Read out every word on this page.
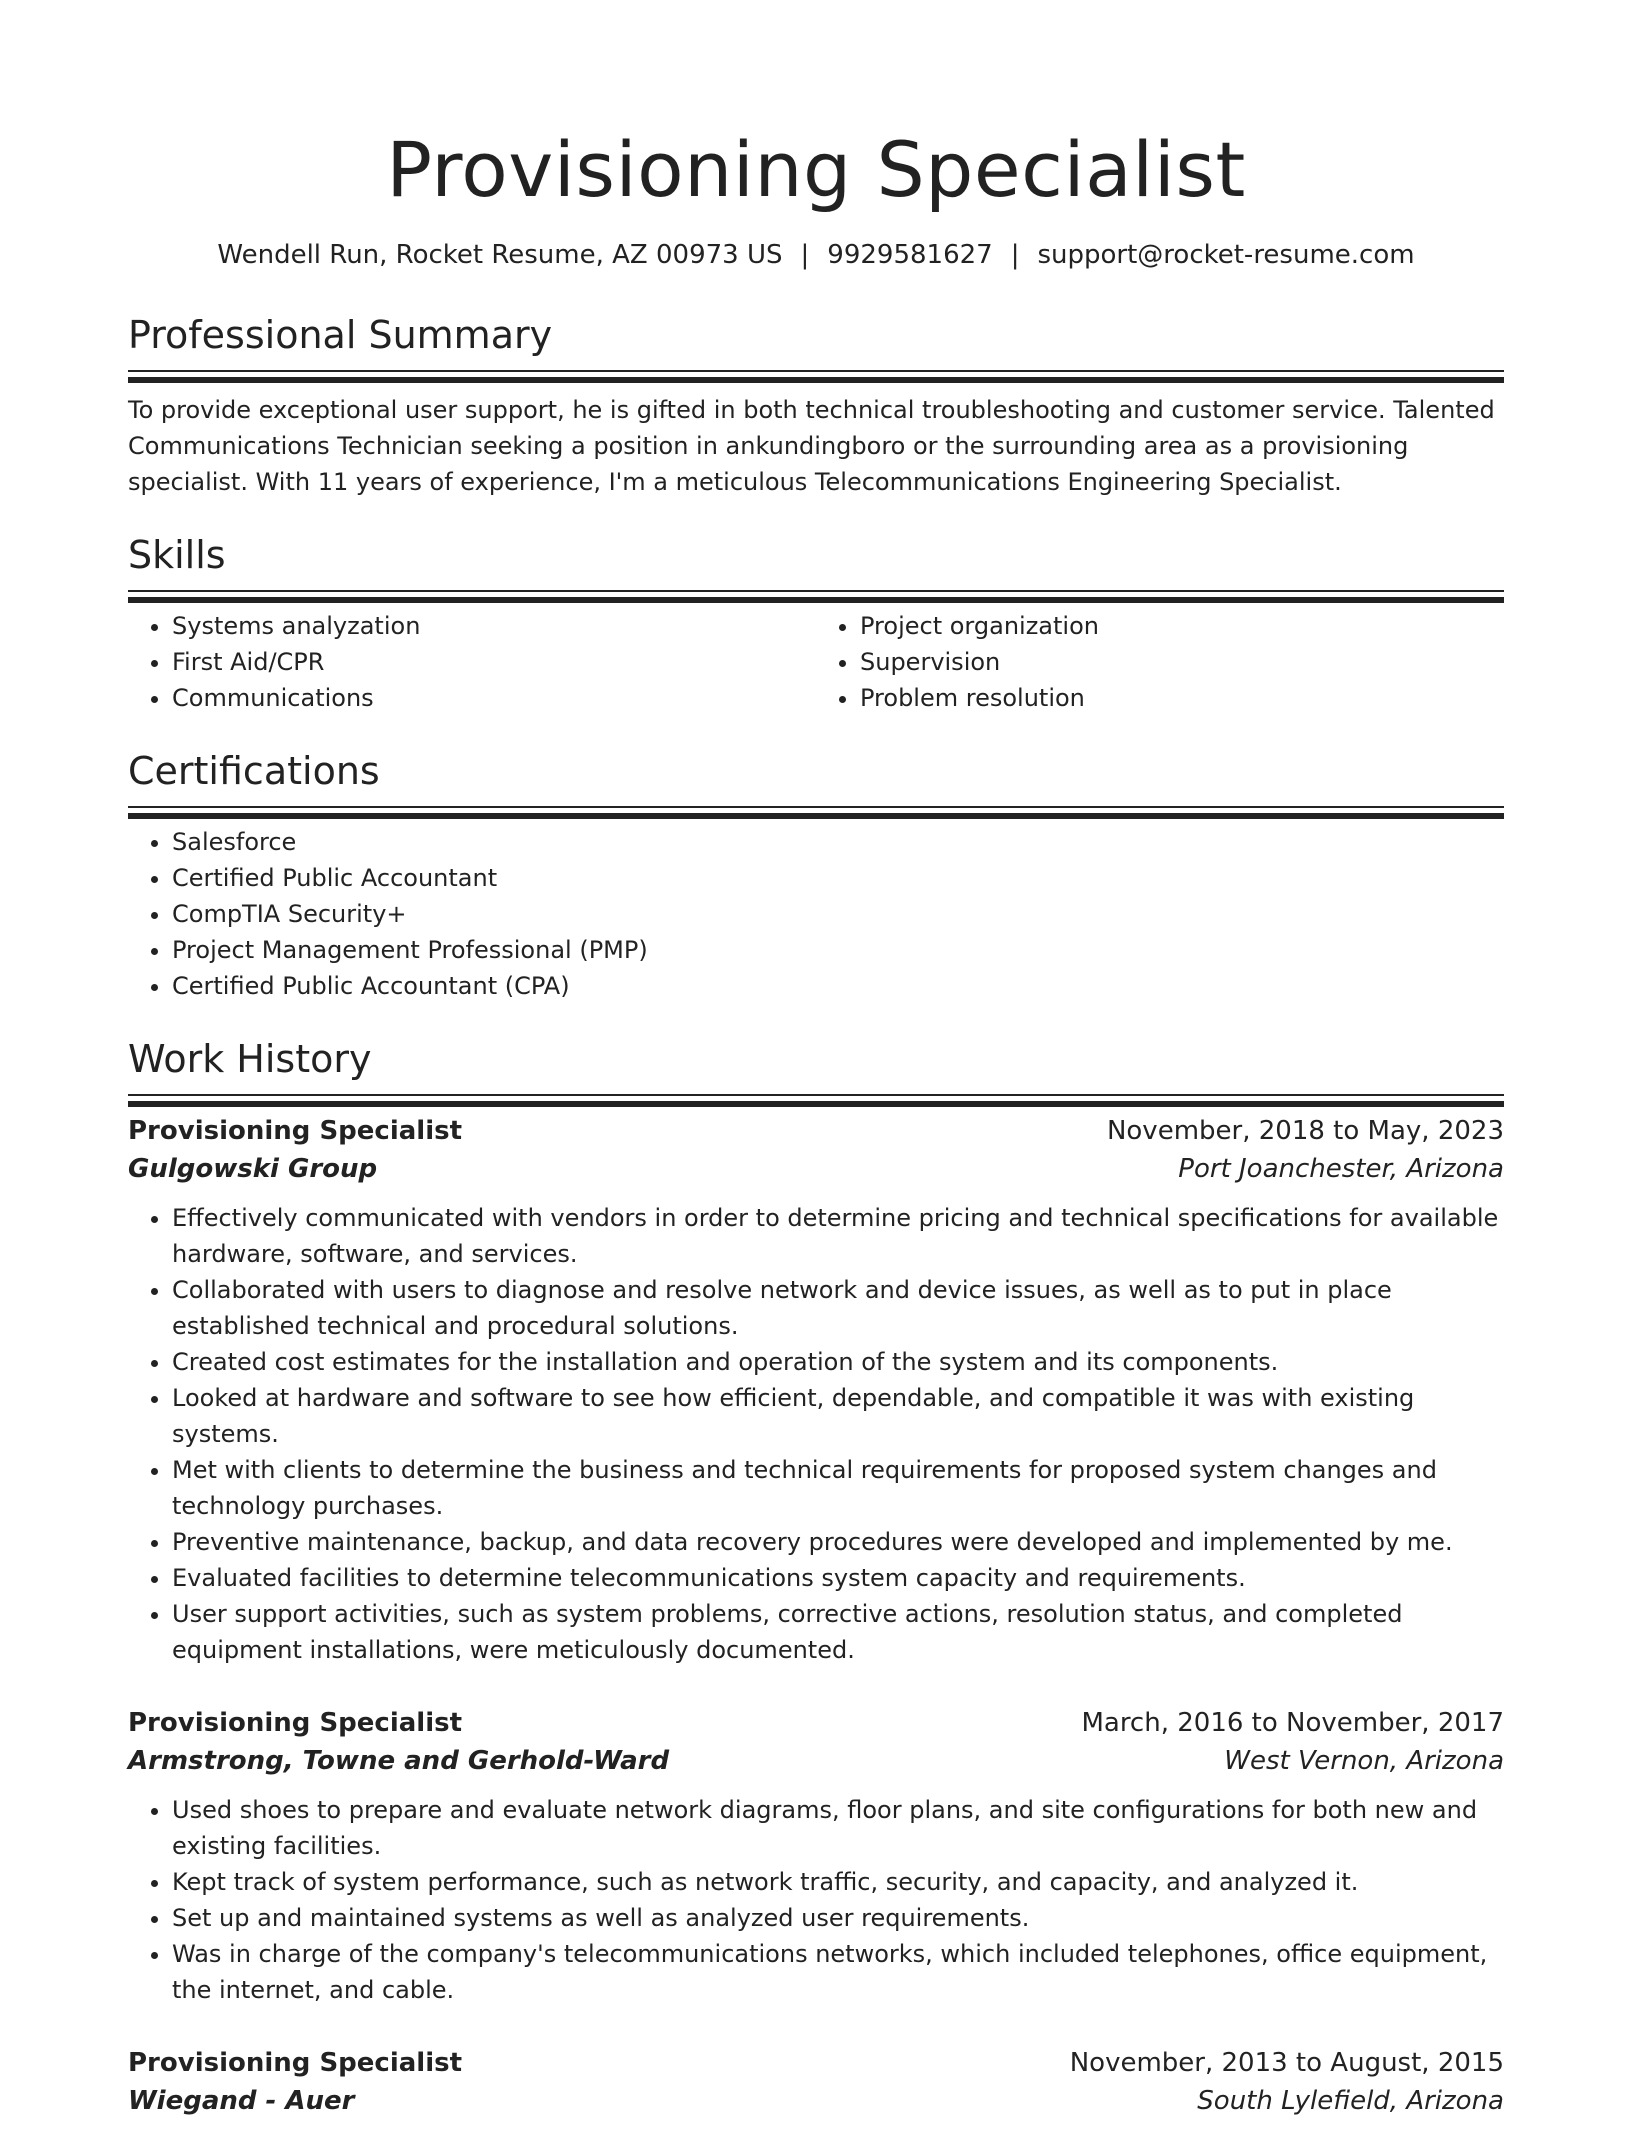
Provisioning Specialist
Wendell Run, Rocket Resume, AZ 00973 US | 9929581627 | support@rocket-resume.com
Professional Summary

To provide exceptional user support, he is gifted in both technical troubleshooting and customer service. Talented Communications Technician seeking a position in ankundingboro or the surrounding area as a provisioning specialist. With 11 years of experience, I'm a meticulous Telecommunications Engineering Specialist.

Skills
• Systems analyzation
• First Aid/CPR
• Communications
• Project organization
• Supervision
• Problem resolution
Certifications
• Salesforce
• Certified Public Accountant
• CompTIA Security+
• Project Management Professional (PMP)
• Certified Public Accountant (CPA)
Work History
Provisioning Specialist	November, 2018 to May, 2023
Gulgowski Group	Port Joanchester, Arizona
• Effectively communicated with vendors in order to determine pricing and technical specifications for available hardware, software, and services.
• Collaborated with users to diagnose and resolve network and device issues, as well as to put in place established technical and procedural solutions.
• Created cost estimates for the installation and operation of the system and its components.
• Looked at hardware and software to see how efficient, dependable, and compatible it was with existing systems.
• Met with clients to determine the business and technical requirements for proposed system changes and technology purchases.
• Preventive maintenance, backup, and data recovery procedures were developed and implemented by me.
• Evaluated facilities to determine telecommunications system capacity and requirements.
• User support activities, such as system problems, corrective actions, resolution status, and completed equipment installations, were meticulously documented.
Provisioning Specialist	March, 2016 to November, 2017
Armstrong, Towne and Gerhold-Ward	West Vernon, Arizona
• Used shoes to prepare and evaluate network diagrams, floor plans, and site configurations for both new and existing facilities.
• Kept track of system performance, such as network traffic, security, and capacity, and analyzed it.
• Set up and maintained systems as well as analyzed user requirements.
• Was in charge of the company's telecommunications networks, which included telephones, office equipment, the internet, and cable.
Provisioning Specialist	November, 2013 to August, 2015
Wiegand - Auer	South Lylefield, Arizona
